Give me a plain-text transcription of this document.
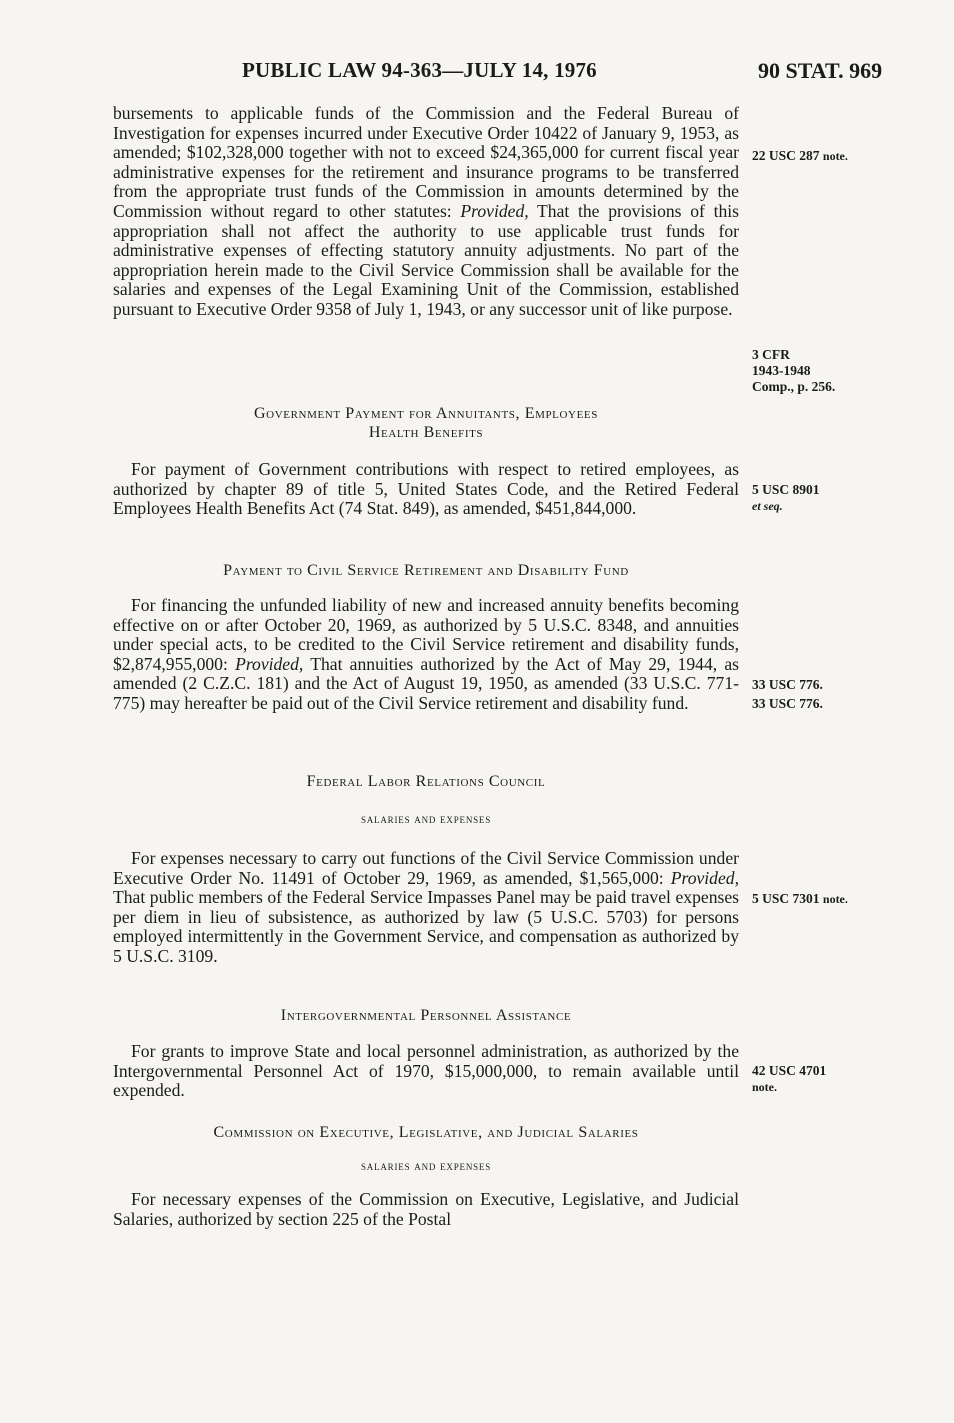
PUBLIC LAW 94-363—JULY 14, 1976	90 STAT. 969

bursements to applicable funds of the Commission and the Federal Bureau of Investigation for expenses incurred under Executive Order 10422 of January 9, 1953, as amended; $102,328,000 together with not to exceed $24,365,000 for current fiscal year administrative expenses for the retirement and insurance programs to be transferred from the appropriate trust funds of the Commission in amounts determined by the Commission without regard to other statutes: Provided, That the provisions of this appropriation shall not affect the authority to use applicable trust funds for administrative expenses of effecting statutory annuity adjustments. No part of the appropriation herein made to the Civil Service Commission shall be available for the salaries and expenses of the Legal Examining Unit of the Commission, established pursuant to Executive Order 9358 of July 1, 1943, or any successor unit of like purpose.

Government Payment for Annuitants, Employees
Health Benefits

For payment of Government contributions with respect to retired employees, as authorized by chapter 89 of title 5, United States Code, and the Retired Federal Employees Health Benefits Act (74 Stat. 849), as amended, $451,844,000.

Payment to Civil Service Retirement and Disability Fund

For financing the unfunded liability of new and increased annuity benefits becoming effective on or after October 20, 1969, as authorized by 5 U.S.C. 8348, and annuities under special acts, to be credited to the Civil Service retirement and disability funds, $2,874,955,000: Provided, That annuities authorized by the Act of May 29, 1944, as amended (2 C.Z.C. 181) and the Act of August 19, 1950, as amended (33 U.S.C. 771-775) may hereafter be paid out of the Civil Service retirement and disability fund.

Federal Labor Relations Council
salaries and expenses

For expenses necessary to carry out functions of the Civil Service Commission under Executive Order No. 11491 of October 29, 1969, as amended, $1,565,000: Provided, That public members of the Federal Service Impasses Panel may be paid travel expenses per diem in lieu of subsistence, as authorized by law (5 U.S.C. 5703) for persons employed intermittently in the Government Service, and compensation as authorized by 5 U.S.C. 3109.

Intergovernmental Personnel Assistance

For grants to improve State and local personnel administration, as authorized by the Intergovernmental Personnel Act of 1970, $15,000,000, to remain available until expended.

Commission on Executive, Legislative, and Judicial Salaries
salaries and expenses

For necessary expenses of the Commission on Executive, Legislative, and Judicial Salaries, authorized by section 225 of the Postal

22 USC 287 note.
3 CFR
1943-1948
Comp., p. 256.
5 USC 8901
et seq.
33 USC 776.
33 USC 776.
5 USC 7301 note.
42 USC 4701
note.
